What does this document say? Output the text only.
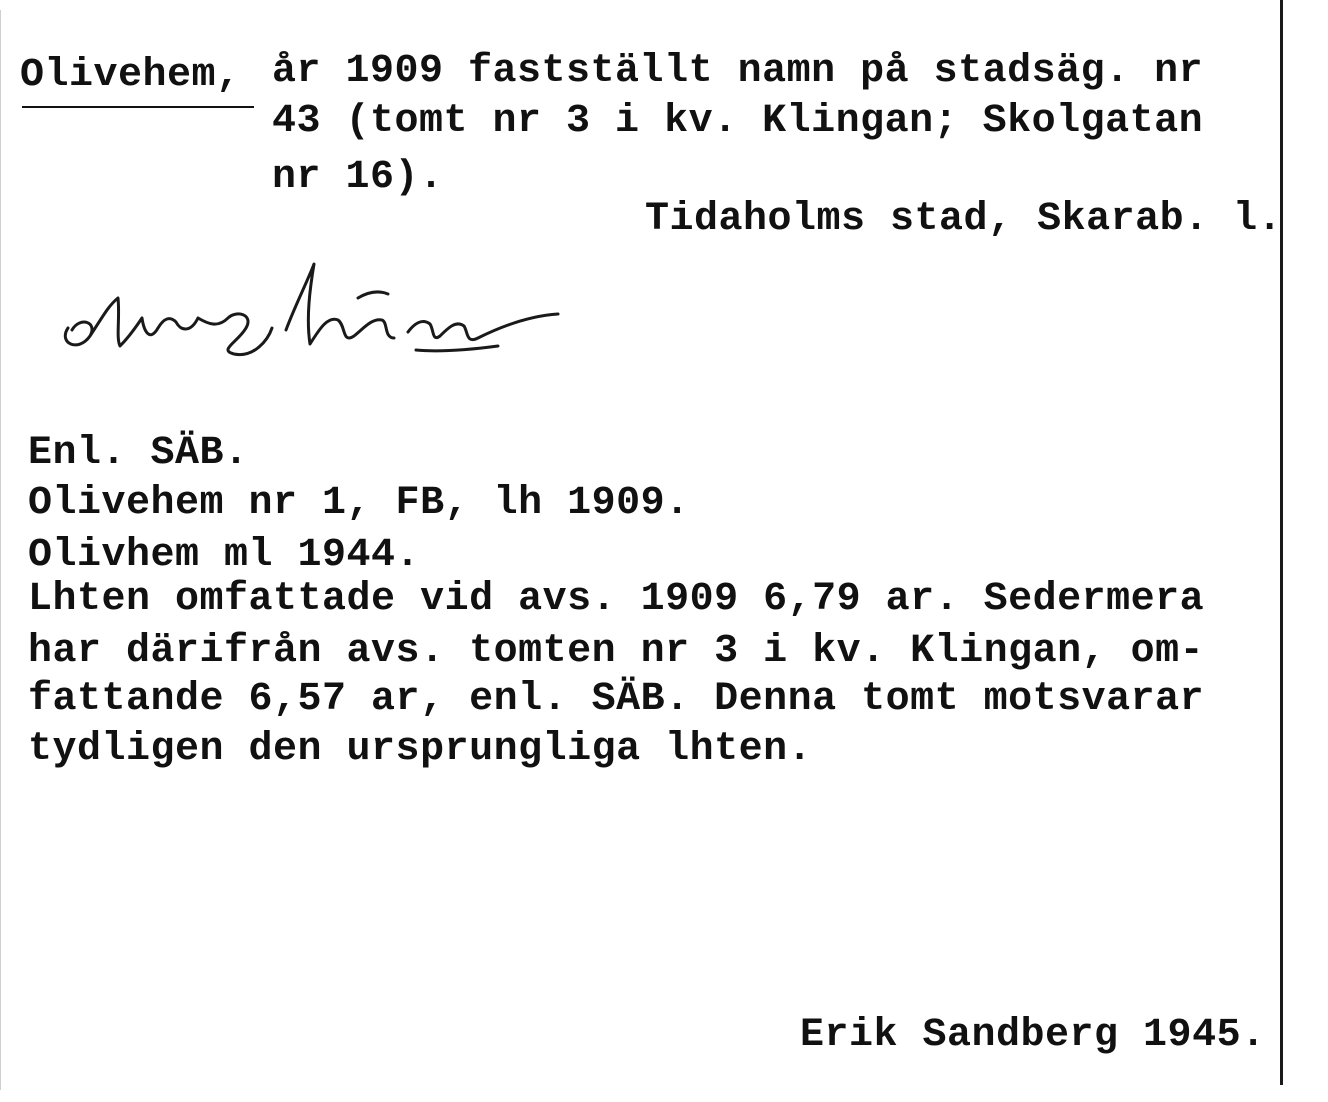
Olivehem, år 1909 fastställt namn på stadsäg. nr
43 (tomt nr 3 i kv. Klingan; Skolgatan
nr 16).
Tidaholms stad, Skarab. l.
Enl. SÄB.
Olivehem nr 1, FB, lh 1909.
Olivhem ml 1944.
Lhten omfattade vid avs. 1909 6,79 ar. Sedermera
har därifrån avs. tomten nr 3 i kv. Klingan, om-
fattande 6,57 ar, enl. SÄB. Denna tomt motsvarar
tydligen den ursprungliga lhten.
Erik Sandberg 1945.
